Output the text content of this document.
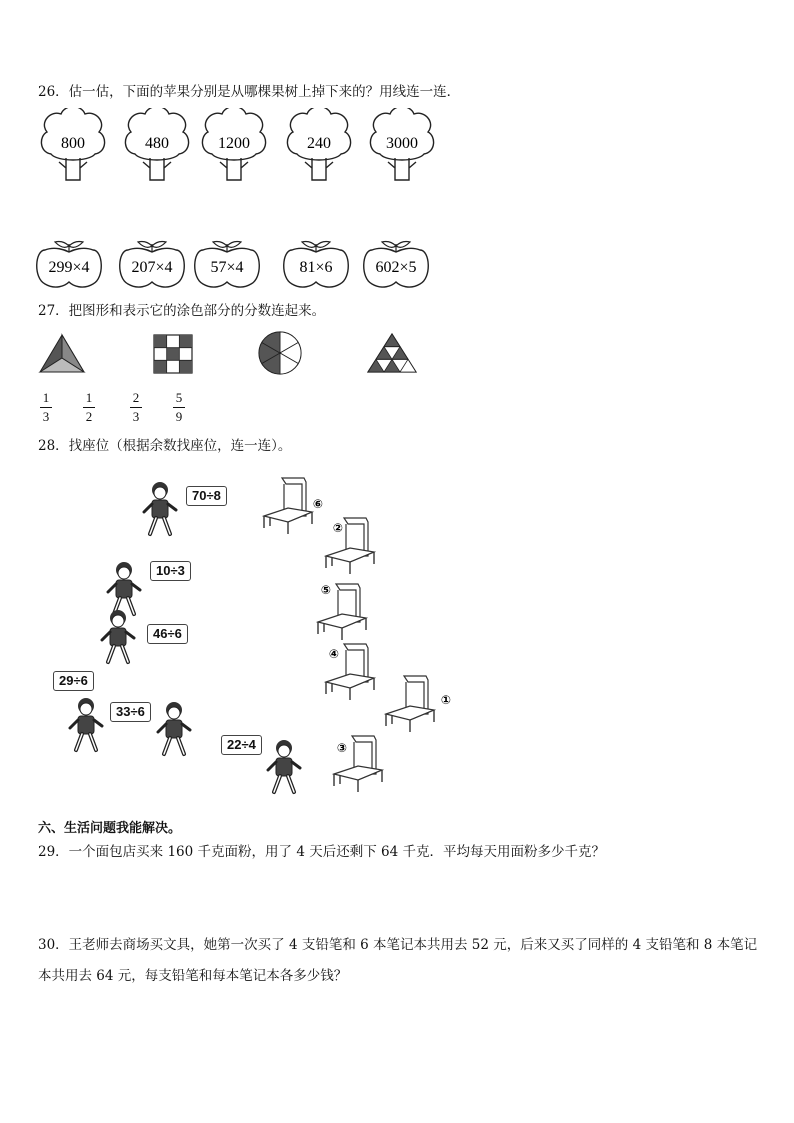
26．估一估，下面的苹果分别是从哪棵果树上掉下来的？用线连一连．
800	480	1200	240	3000
299×4	207×4 57×4	81×6	602×5
27．把图形和表示它的涂色部分的分数连起来。
1
3
1
2
2
3
5
9
28．找座位（根据余数找座位，连一连）。
⑥
②
⑤
④
①
③
70÷8
10÷3
46÷6
29÷6
33÷6
22÷4
六、生活问题我能解决。
29．一个面包店买来 160 千克面粉，用了 4 天后还剩下 64 千克．平均每天用面粉多少千克？
30．王老师去商场买文具，她第一次买了 4 支铅笔和 6 本笔记本共用去 52 元，后来又买了同样的 4 支铅笔和 8 本笔记
本共用去 64 元，每支铅笔和每本笔记本各多少钱？
